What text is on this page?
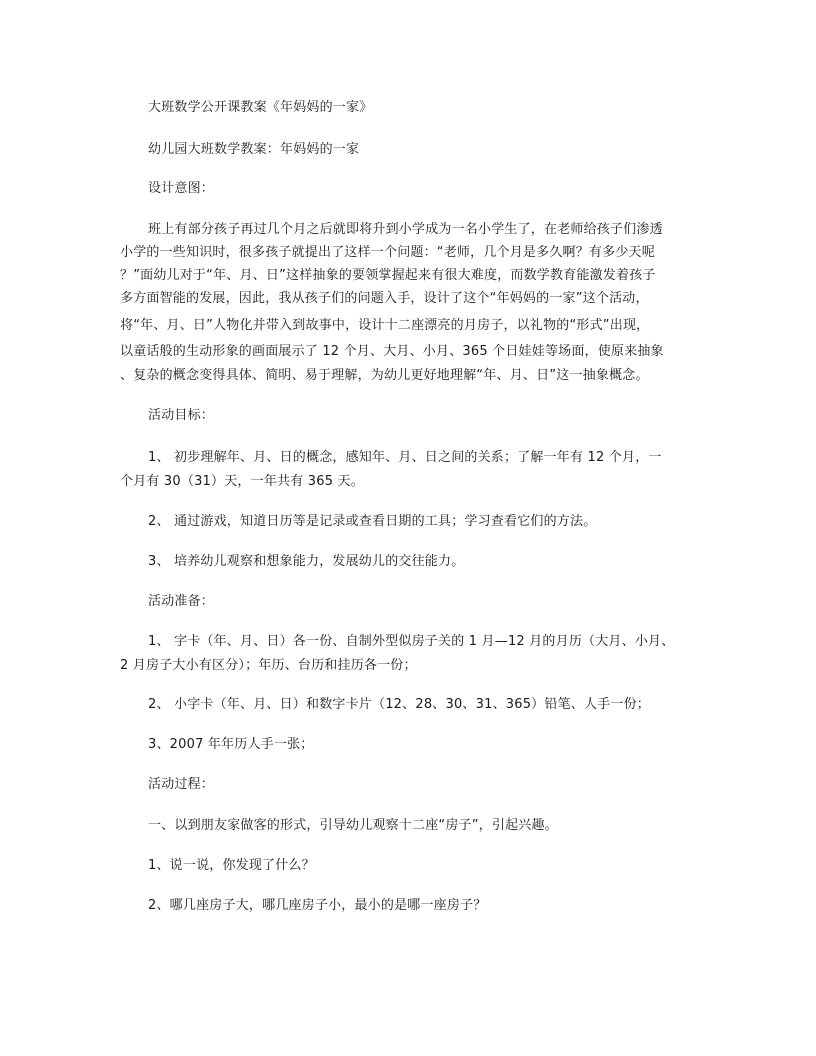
大班数学公开课教案《年妈妈的一家》
幼儿园大班数学教案：年妈妈的一家
设计意图：
班上有部分孩子再过几个月之后就即将升到小学成为一名小学生了，在老师给孩子们渗透
小学的一些知识时，很多孩子就提出了这样一个问题：“老师，几个月是多久啊？有多少天呢
？”面幼儿对于“年、月、日”这样抽象的要领掌握起来有很大难度，而数学教育能激发着孩子
多方面智能的发展，因此，我从孩子们的问题入手，设计了这个“年妈妈的一家”这个活动，
将“年、月、日”人物化并带入到故事中，设计十二座漂亮的月房子，以礼物的“形式”出现，
以童话般的生动形象的画面展示了 12 个月、大月、小月、365 个日娃娃等场面，使原来抽象
、复杂的概念变得具体、简明、易于理解，为幼儿更好地理解“年、月、日”这一抽象概念。
活动目标：
1、 初步理解年、月、日的概念，感知年、月、日之间的关系；了解一年有 12 个月，一
个月有 30（31）天，一年共有 365 天。
2、 通过游戏，知道日历等是记录或查看日期的工具；学习查看它们的方法。
3、 培养幼儿观察和想象能力，发展幼儿的交往能力。
活动准备：
1、 字卡（年、月、日）各一份、自制外型似房子关的 1 月—12 月的月历（大月、小月、
2 月房子大小有区分）；年历、台历和挂历各一份；
2、 小字卡（年、月、日）和数字卡片（12、28、30、31、365）铅笔、人手一份；
3、2007 年年历人手一张；
活动过程：
一、以到朋友家做客的形式，引导幼儿观察十二座“房子”，引起兴趣。
1、说一说，你发现了什么？
2、哪几座房子大，哪几座房子小，最小的是哪一座房子？
